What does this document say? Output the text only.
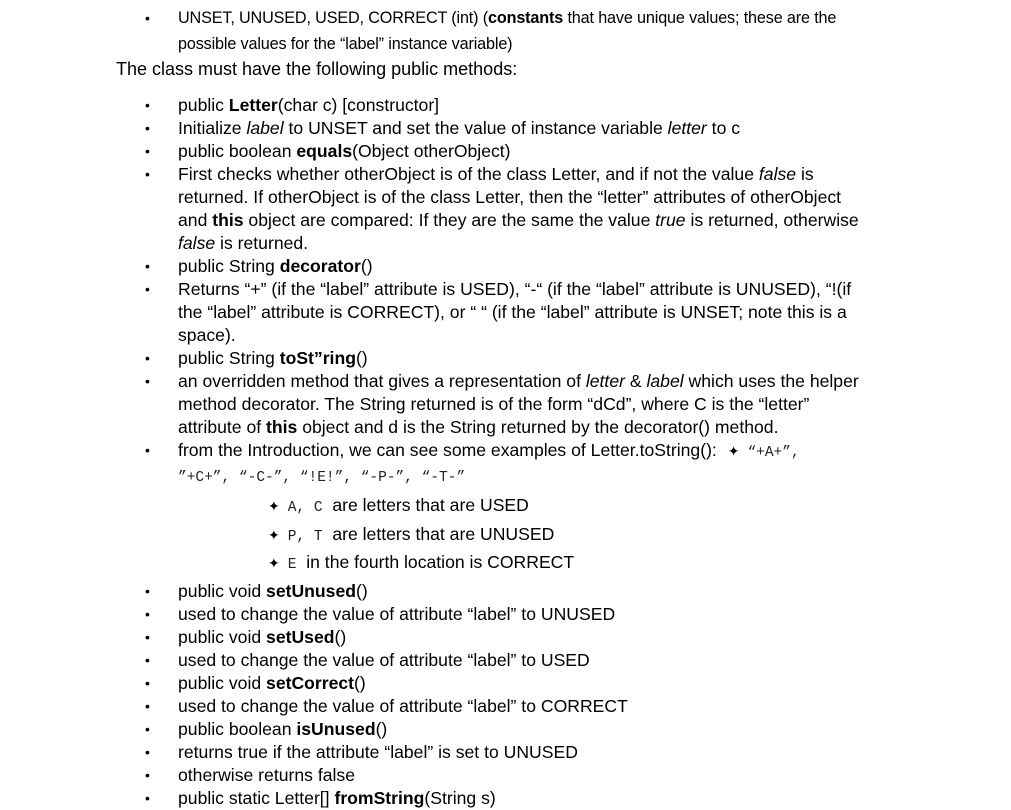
• UNSET, UNUSED, USED, CORRECT (int) (constants that have unique values; these are the
possible values for the “label” instance variable)
The class must have the following public methods:
• public Letter(char c) [constructor]
• Initialize label to UNSET and set the value of instance variable letter to c
• public boolean equals(Object otherObject)
• First checks whether otherObject is of the class Letter, and if not the value false is
returned. If otherObject is of the class Letter, then the “letter” attributes of otherObject
and this object are compared: If they are the same the value true is returned, otherwise
false is returned.
• public String decorator()
• Returns “+” (if the “label” attribute is USED), “-“ (if the “label” attribute is UNUSED), “!(if
the “label” attribute is CORRECT), or “ “ (if the “label” attribute is UNSET; note this is a
space).
• public String toSt”ring()
• an overridden method that gives a representation of letter & label which uses the helper
method decorator. The String returned is of the form “dCd”, where C is the “letter”
attribute of this object and d is the String returned by the decorator() method.
• from the Introduction, we can see some examples of Letter.toString(): ✦ “+A+”,
”+C+”, “-C-”, “!E!”, “-P-”, “-T-”
✦ A, C are letters that are USED
✦ P, T are letters that are UNUSED
✦ E in the fourth location is CORRECT
• public void setUnused()
• used to change the value of attribute “label” to UNUSED
• public void setUsed()
• used to change the value of attribute “label” to USED
• public void setCorrect()
• used to change the value of attribute “label” to CORRECT
• public boolean isUnused()
• returns true if the attribute “label” is set to UNUSED
• otherwise returns false
• public static Letter[] fromString(String s)
